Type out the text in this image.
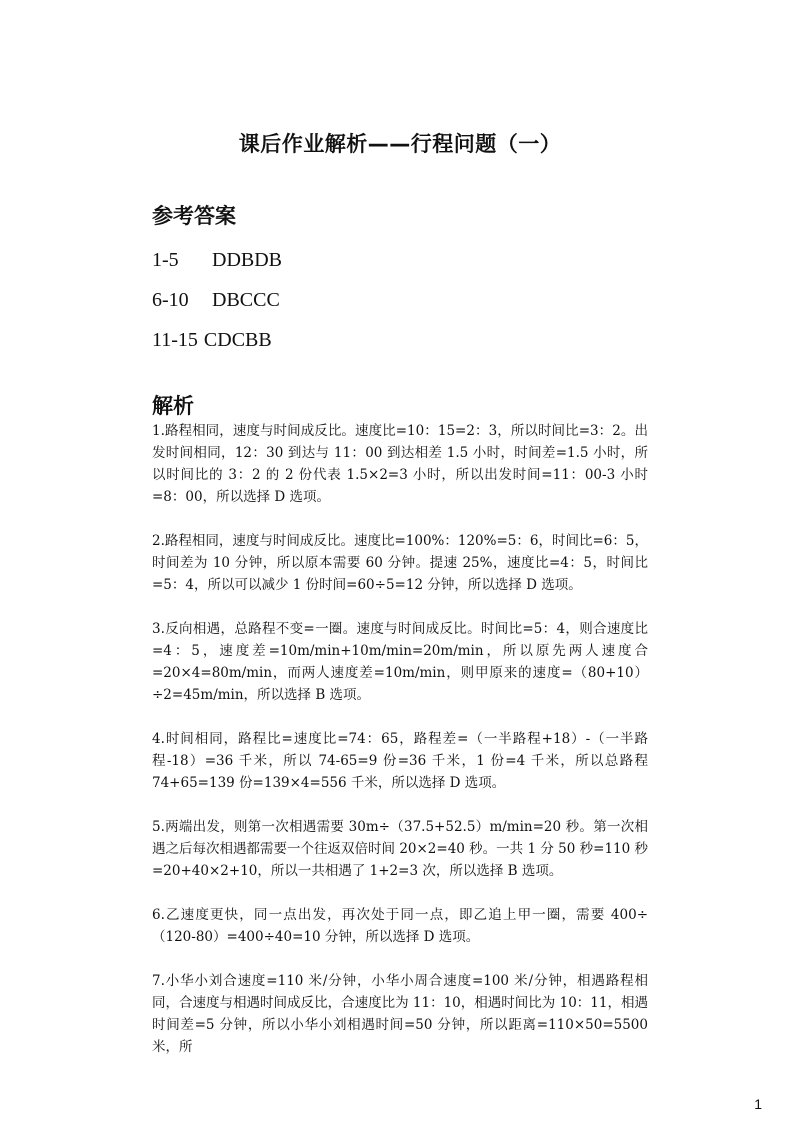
课后作业解析——行程问题（一）
参考答案
1-5	DDBDB
6-10	DBCCC
11-15 CDCBB
解析

1.路程相同，速度与时间成反比。速度比=10：15=2：3，所以时间比=3：2。出发时间相同，12：30 到达与 11：00 到达相差 1.5 小时，时间差=1.5 小时，所以时间比的 3：2 的 2 份代表 1.5×2=3 小时，所以出发时间=11：00-3 小时=8：00，所以选择 D 选项。

2.路程相同，速度与时间成反比。速度比=100%：120%=5：6，时间比=6：5，时间差为 10 分钟，所以原本需要 60 分钟。提速 25%，速度比=4：5，时间比=5：4，所以可以减少 1 份时间=60÷5=12 分钟，所以选择 D 选项。

3.反向相遇，总路程不变=一圈。速度与时间成反比。时间比=5：4，则合速度比=4：5，速度差=10m/min+10m/min=20m/min，所以原先两人速度合=20×4=80m/min，而两人速度差=10m/min，则甲原来的速度=（80+10）÷2=45m/min，所以选择 B 选项。

4.时间相同，路程比=速度比=74：65，路程差=（一半路程+18）-（一半路程-18）=36 千米，所以 74-65=9 份=36 千米，1 份=4 千米，所以总路程 74+65=139 份=139×4=556 千米，所以选择 D 选项。

5.两端出发，则第一次相遇需要 30m÷（37.5+52.5）m/min=20 秒。第一次相遇之后每次相遇都需要一个往返双倍时间 20×2=40 秒。一共 1 分 50 秒=110 秒=20+40×2+10，所以一共相遇了 1+2=3 次，所以选择 B 选项。

6.乙速度更快，同一点出发，再次处于同一点，即乙追上甲一圈，需要 400÷（120-80）=400÷40=10 分钟，所以选择 D 选项。

7.小华小刘合速度=110 米/分钟，小华小周合速度=100 米/分钟，相遇路程相同，合速度与相遇时间成反比，合速度比为 11：10，相遇时间比为 10：11，相遇时间差=5 分钟，所以小华小刘相遇时间=50 分钟，所以距离=110×50=5500 米，所

1
